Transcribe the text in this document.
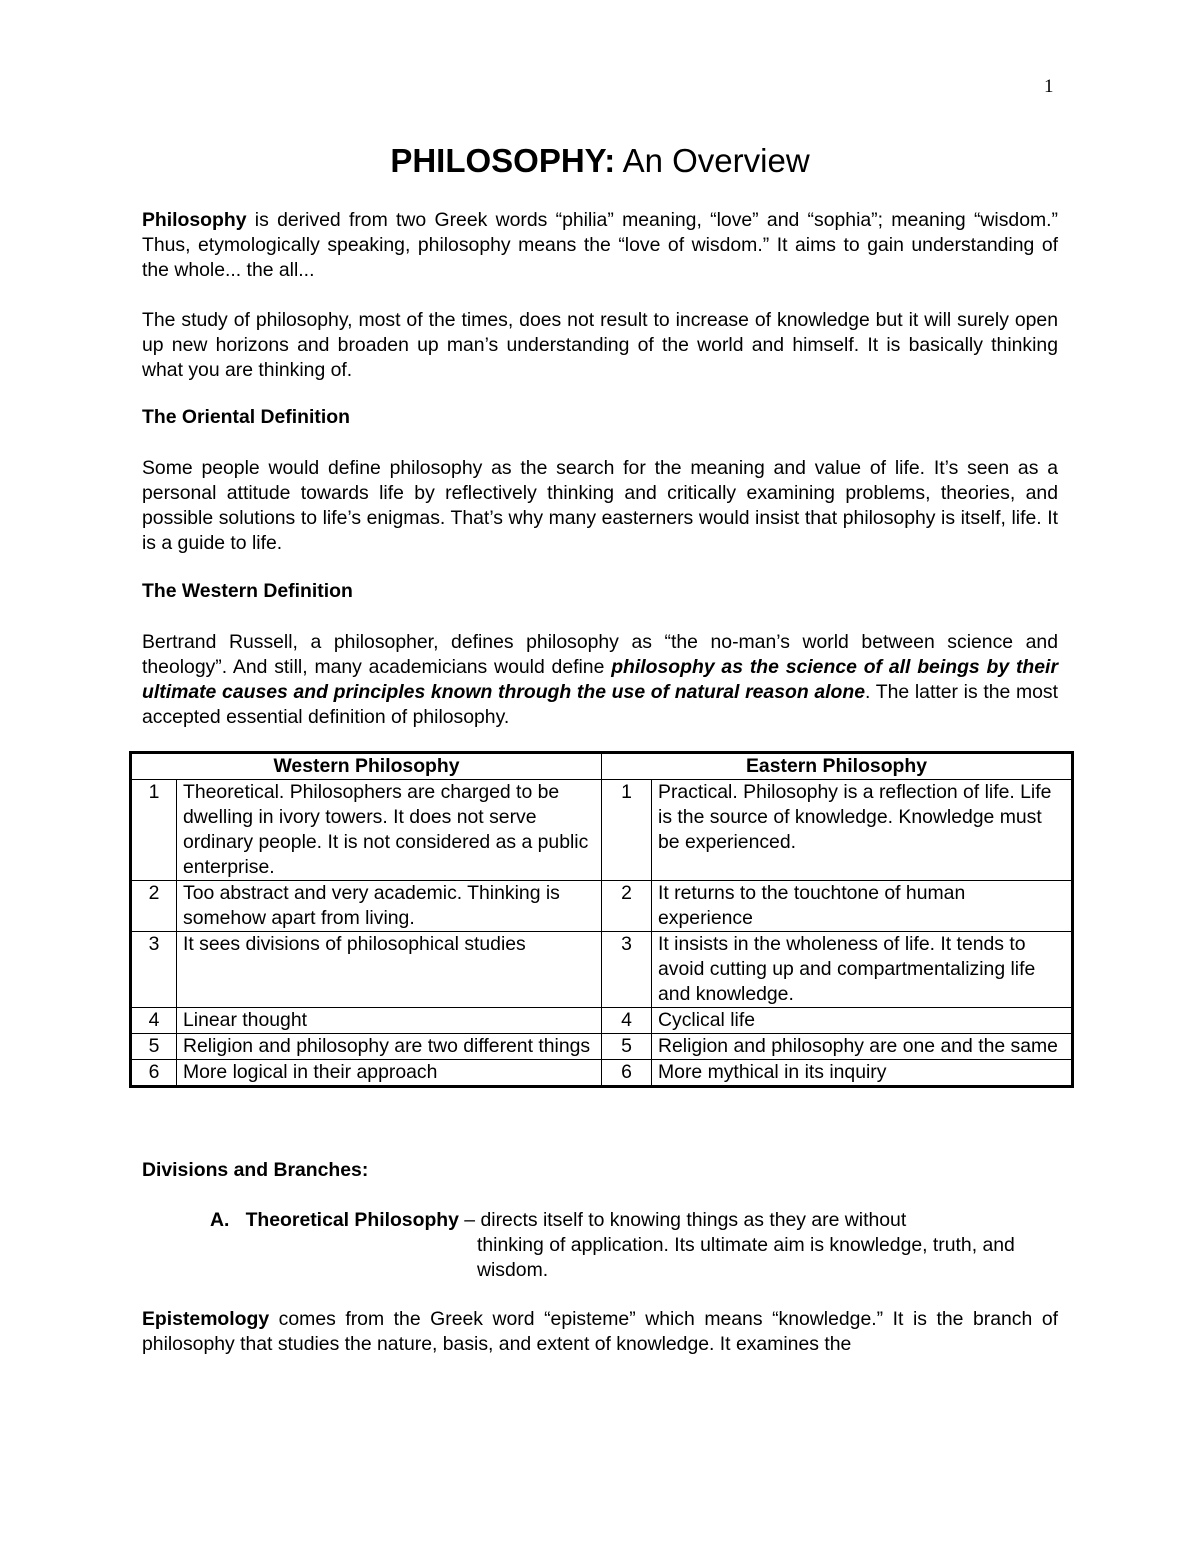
1
PHILOSOPHY: An Overview
Philosophy is derived from two Greek words “philia” meaning, “love” and “sophia”; meaning “wisdom.” Thus, etymologically speaking, philosophy means the “love of wisdom.” It aims to gain understanding of the whole... the all...
The study of philosophy, most of the times, does not result to increase of knowledge but it will surely open up new horizons and broaden up man’s understanding of the world and himself. It is basically thinking what you are thinking of.
The Oriental Definition
Some people would define philosophy as the search for the meaning and value of life. It’s seen as a personal attitude towards life by reflectively thinking and critically examining problems, theories, and possible solutions to life’s enigmas. That’s why many easterners would insist that philosophy is itself, life. It is a guide to life.
The Western Definition
Bertrand Russell, a philosopher, defines philosophy as “the no-man’s world between science and theology”. And still, many academicians would define philosophy as the science of all beings by their ultimate causes and principles known through the use of natural reason alone. The latter is the most accepted essential definition of philosophy.
Western Philosophy		Eastern Philosophy	
1	Theoretical. Philosophers are charged to be dwelling in ivory towers. It does not serve ordinary people. It is not considered as a public enterprise.	1	Practical. Philosophy is a reflection of life. Life is the source of knowledge. Knowledge must be experienced.
2	Too abstract and very academic. Thinking is somehow apart from living.	2	It returns to the touchtone of human experience
3	It sees divisions of philosophical studies	3	It insists in the wholeness of life. It tends to avoid cutting up and compartmentalizing life and knowledge.
4	Linear thought	4	Cyclical life
5	Religion and philosophy are two different things	5	Religion and philosophy are one and the same
6	More logical in their approach	6	More mythical in its inquiry
Divisions and Branches:
A. Theoretical Philosophy – directs itself to knowing things as they are without
thinking of application. Its ultimate aim is knowledge, truth, and wisdom.
Epistemology comes from the Greek word “episteme” which means “knowledge.” It is the branch of philosophy that studies the nature, basis, and extent of knowledge. It examines the
